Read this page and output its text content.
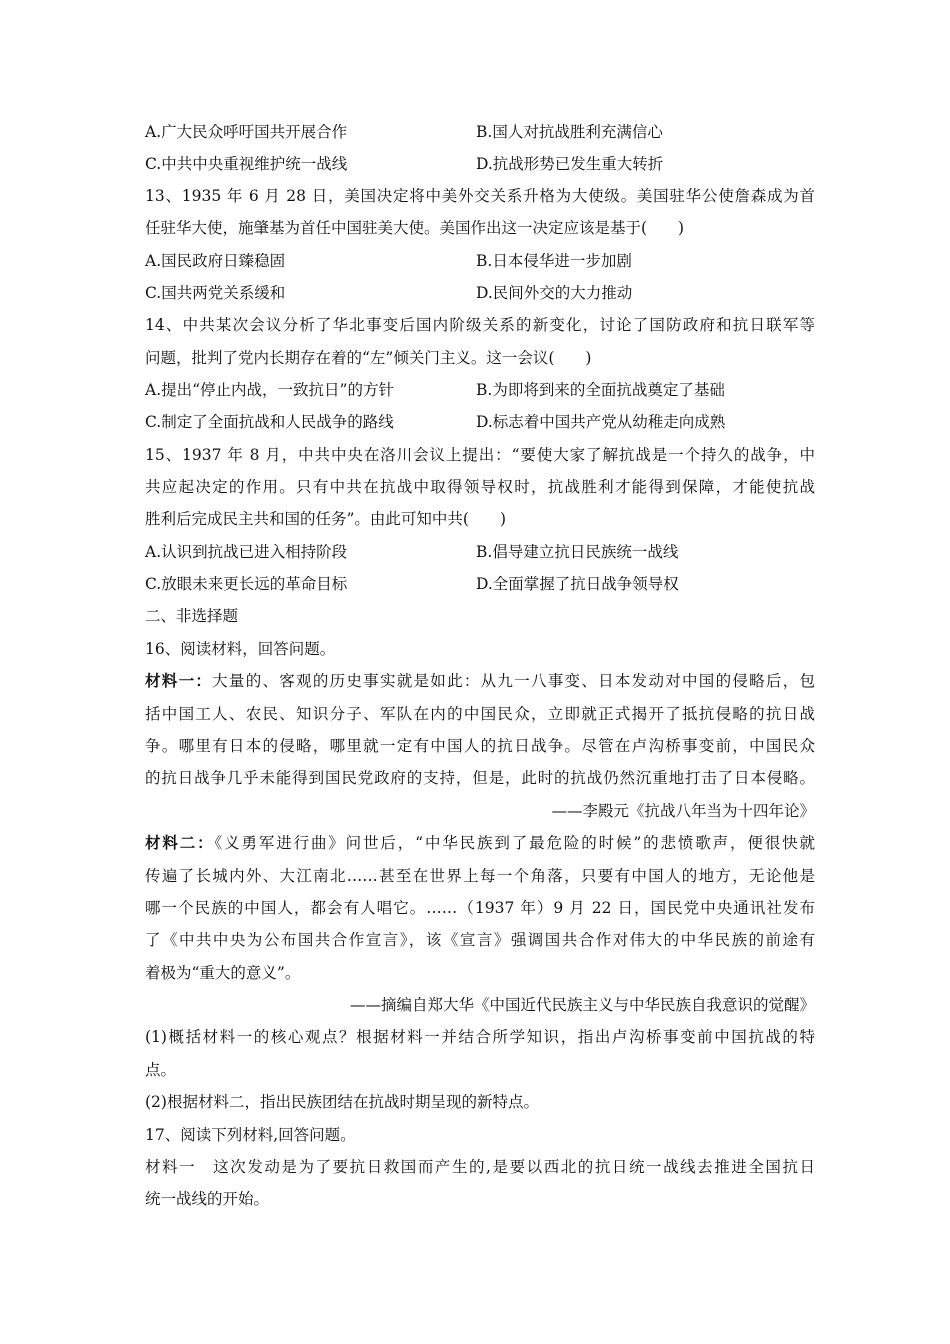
A.广大民众呼吁国共开展合作	B.国人对抗战胜利充满信心
C.中共中央重视维护统一战线	D.抗战形势已发生重大转折
13、1935 年 6 月 28 日，美国决定将中美外交关系升格为大使级。美国驻华公使詹森成为首
任驻华大使，施肇基为首任中国驻美大使。美国作出这一决定应该是基于(　　)
A.国民政府日臻稳固	B.日本侵华进一步加剧
C.国共两党关系缓和	D.民间外交的大力推动
14、中共某次会议分析了华北事变后国内阶级关系的新变化，讨论了国防政府和抗日联军等
问题，批判了党内长期存在着的“左”倾关门主义。这一会议(　　)
A.提出“停止内战，一致抗日”的方针	B.为即将到来的全面抗战奠定了基础
C.制定了全面抗战和人民战争的路线	D.标志着中国共产党从幼稚走向成熟
15、1937 年 8 月，中共中央在洛川会议上提出：“要使大家了解抗战是一个持久的战争，中
共应起决定的作用。只有中共在抗战中取得领导权时，抗战胜利才能得到保障，才能使抗战
胜利后完成民主共和国的任务”。由此可知中共(　　)
A.认识到抗战已进入相持阶段	B.倡导建立抗日民族统一战线
C.放眼未来更长远的革命目标	D.全面掌握了抗日战争领导权
二、非选择题
16、阅读材料，回答问题。
材料一：大量的、客观的历史事实就是如此：从九一八事变、日本发动对中国的侵略后，包
括中国工人、农民、知识分子、军队在内的中国民众，立即就正式揭开了抵抗侵略的抗日战
争。哪里有日本的侵略，哪里就一定有中国人的抗日战争。尽管在卢沟桥事变前，中国民众
的抗日战争几乎未能得到国民党政府的支持，但是，此时的抗战仍然沉重地打击了日本侵略。
——李殿元《抗战八年当为十四年论》
材料二：《义勇军进行曲》问世后，“中华民族到了最危险的时候”的悲愤歌声，便很快就
传遍了长城内外、大江南北……甚至在世界上每一个角落，只要有中国人的地方，无论他是
哪一个民族的中国人，都会有人唱它。……（1937 年）9 月 22 日，国民党中央通讯社发布
了《中共中央为公布国共合作宣言》，该《宣言》强调国共合作对伟大的中华民族的前途有
着极为“重大的意义”。
——摘编自郑大华《中国近代民族主义与中华民族自我意识的觉醒》
(1)概括材料一的核心观点？根据材料一并结合所学知识，指出卢沟桥事变前中国抗战的特
点。
(2)根据材料二，指出民族团结在抗战时期呈现的新特点。
17、阅读下列材料,回答问题。
材料一　这次发动是为了要抗日救国而产生的,是要以西北的抗日统一战线去推进全国抗日
统一战线的开始。
